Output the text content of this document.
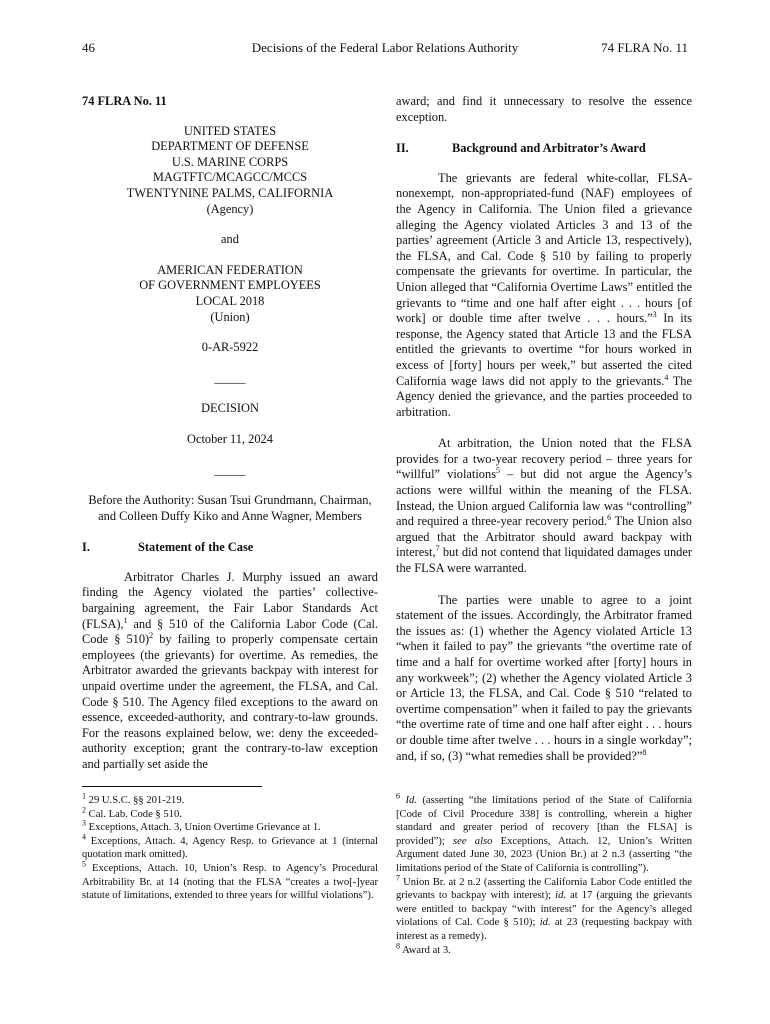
46	Decisions of the Federal Labor Relations Authority	74 FLRA No. 11
74 FLRA No. 11
UNITED STATES
DEPARTMENT OF DEFENSE
U.S. MARINE CORPS
MAGTFTC/MCAGCC/MCCS
TWENTYNINE PALMS, CALIFORNIA
(Agency)
and
AMERICAN FEDERATION
OF GOVERNMENT EMPLOYEES
LOCAL 2018
(Union)
0-AR-5922
_____
DECISION
October 11, 2024
_____
Before the Authority: Susan Tsui Grundmann, Chairman, and Colleen Duffy Kiko and Anne Wagner, Members
I.	Statement of the Case

Arbitrator Charles J. Murphy issued an award finding the Agency violated the parties’ collective-bargaining agreement, the Fair Labor Standards Act (FLSA),$^1$ and § 510 of the California Labor Code (Cal. Code § 510)$^2$ by failing to properly compensate certain employees (the grievants) for overtime. As remedies, the Arbitrator awarded the grievants backpay with interest for unpaid overtime under the agreement, the FLSA, and Cal. Code § 510. The Agency filed exceptions to the award on essence, exceeded-authority, and contrary-to-law grounds. For the reasons explained below, we: deny the exceeded-authority exception; grant the contrary-to-law exception and partially set aside the

award; and find it unnecessary to resolve the essence exception.

II.	Background and Arbitrator’s Award

The grievants are federal white-collar, FLSA-nonexempt, non-appropriated-fund (NAF) employees of the Agency in California. The Union filed a grievance alleging the Agency violated Articles 3 and 13 of the parties’ agreement (Article 3 and Article 13, respectively), the FLSA, and Cal. Code § 510 by failing to properly compensate the grievants for overtime. In particular, the Union alleged that “California Overtime Laws” entitled the grievants to “time and one half after eight . . . hours [of work] or double time after twelve . . . hours.”$^3$ In its response, the Agency stated that Article 13 and the FLSA entitled the grievants to overtime “for hours worked in excess of [forty] hours per week,” but asserted the cited California wage laws did not apply to the grievants.$^4$ The Agency denied the grievance, and the parties proceeded to arbitration.

At arbitration, the Union noted that the FLSA provides for a two-year recovery period – three years for “willful” violations$^5$ – but did not argue the Agency’s actions were willful within the meaning of the FLSA. Instead, the Union argued California law was “controlling” and required a three-year recovery period.$^6$ The Union also argued that the Arbitrator should award backpay with interest,$^7$ but did not contend that liquidated damages under the FLSA were warranted.

The parties were unable to agree to a joint statement of the issues. Accordingly, the Arbitrator framed the issues as: (1) whether the Agency violated Article 13 “when it failed to pay” the grievants “the overtime rate of time and a half for overtime worked after [forty] hours in any workweek”; (2) whether the Agency violated Article 3 or Article 13, the FLSA, and Cal. Code § 510 “related to overtime compensation” when it failed to pay the grievants “the overtime rate of time and one half after eight . . . hours or double time after twelve . . . hours in a single workday”; and, if so, (3) “what remedies shall be provided?”$^8$

$^1$ 29 U.S.C. §§ 201-219.

$^2$ Cal. Lab. Code § 510.

$^3$ Exceptions, Attach. 3, Union Overtime Grievance at 1.

$^4$ Exceptions, Attach. 4, Agency Resp. to Grievance at 1 (internal quotation mark omitted).

$^5$ Exceptions, Attach. 10, Union’s Resp. to Agency’s Procedural Arbitrability Br. at 14 (noting that the FLSA “creates a two[-]year statute of limitations, extended to three years for willful violations”).

$^6$ Id. (asserting “the limitations period of the State of California [Code of Civil Procedure 338] is controlling, wherein a higher standard and greater period of recovery [than the FLSA] is provided”); see also Exceptions, Attach. 12, Union’s Written Argument dated June 30, 2023 (Union Br.) at 2 n.3 (asserting “the limitations period of the State of California is controlling”).

$^7$ Union Br. at 2 n.2 (asserting the California Labor Code entitled the grievants to backpay with interest); id. at 17 (arguing the grievants were entitled to backpay “with interest” for the Agency’s alleged violations of Cal. Code § 510); id. at 23 (requesting backpay with interest as a remedy).

$^8$ Award at 3.
